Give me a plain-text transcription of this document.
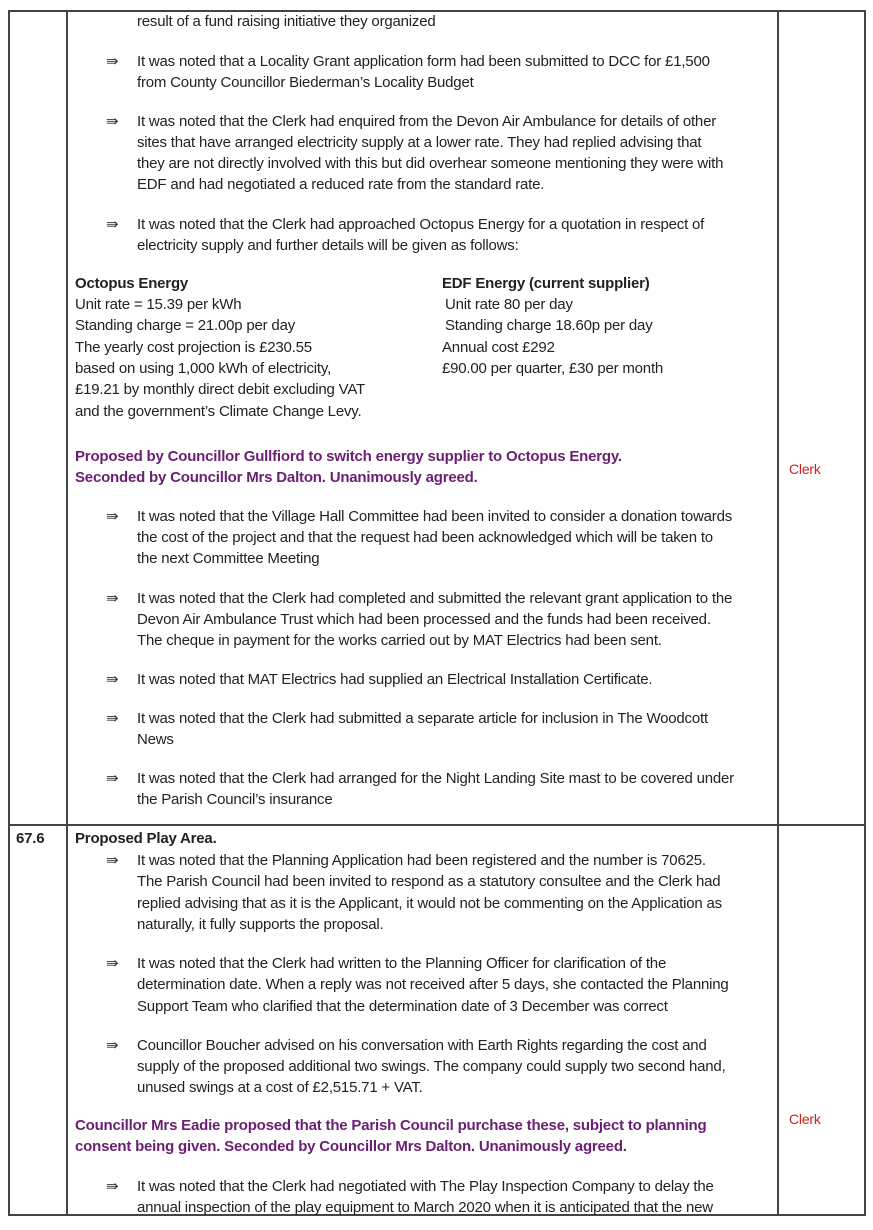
result of a fund raising initiative they organized
⇛ It was noted that a Locality Grant application form had been submitted to DCC for £1,500
from County Councillor Biederman’s Locality Budget
⇛ It was noted that the Clerk had enquired from the Devon Air Ambulance for details of other
sites that have arranged electricity supply at a lower rate. They had replied advising that
they are not directly involved with this but did overhear someone mentioning they were with
EDF and had negotiated a reduced rate from the standard rate.
⇛ It was noted that the Clerk had approached Octopus Energy for a quotation in respect of
electricity supply and further details will be given as follows:
Octopus Energy
Unit rate = 15.39 per kWh
Standing charge = 21.00p per day
The yearly cost projection is £230.55
based on using 1,000 kWh of electricity,
£19.21 by monthly direct debit excluding VAT
and the government’s Climate Change Levy.
EDF Energy (current supplier)
Unit rate 80 per day
Standing charge 18.60p per day
Annual cost £292
£90.00 per quarter, £30 per month
Proposed by Councillor Gullfiord to switch energy supplier to Octopus Energy.
Seconded by Councillor Mrs Dalton. Unanimously agreed.	Clerk
⇛ It was noted that the Village Hall Committee had been invited to consider a donation towards
the cost of the project and that the request had been acknowledged which will be taken to
the next Committee Meeting
⇛ It was noted that the Clerk had completed and submitted the relevant grant application to the
Devon Air Ambulance Trust which had been processed and the funds had been received.
The cheque in payment for the works carried out by MAT Electrics had been sent.
⇛ It was noted that MAT Electrics had supplied an Electrical Installation Certificate.
⇛ It was noted that the Clerk had submitted a separate article for inclusion in The Woodcott
News
⇛ It was noted that the Clerk had arranged for the Night Landing Site mast to be covered under
the Parish Council’s insurance
67.6 Proposed Play Area.
⇛ It was noted that the Planning Application had been registered and the number is 70625.
The Parish Council had been invited to respond as a statutory consultee and the Clerk had
replied advising that as it is the Applicant, it would not be commenting on the Application as
naturally, it fully supports the proposal.
⇛ It was noted that the Clerk had written to the Planning Officer for clarification of the
determination date. When a reply was not received after 5 days, she contacted the Planning
Support Team who clarified that the determination date of 3 December was correct
⇛ Councillor Boucher advised on his conversation with Earth Rights regarding the cost and
supply of the proposed additional two swings. The company could supply two second hand,
unused swings at a cost of £2,515.71 + VAT.
Councillor Mrs Eadie proposed that the Parish Council purchase these, subject to planning
consent being given. Seconded by Councillor Mrs Dalton. Unanimously agreed.
Clerk
⇛ It was noted that the Clerk had negotiated with The Play Inspection Company to delay the
annual inspection of the play equipment to March 2020 when it is anticipated that the new
